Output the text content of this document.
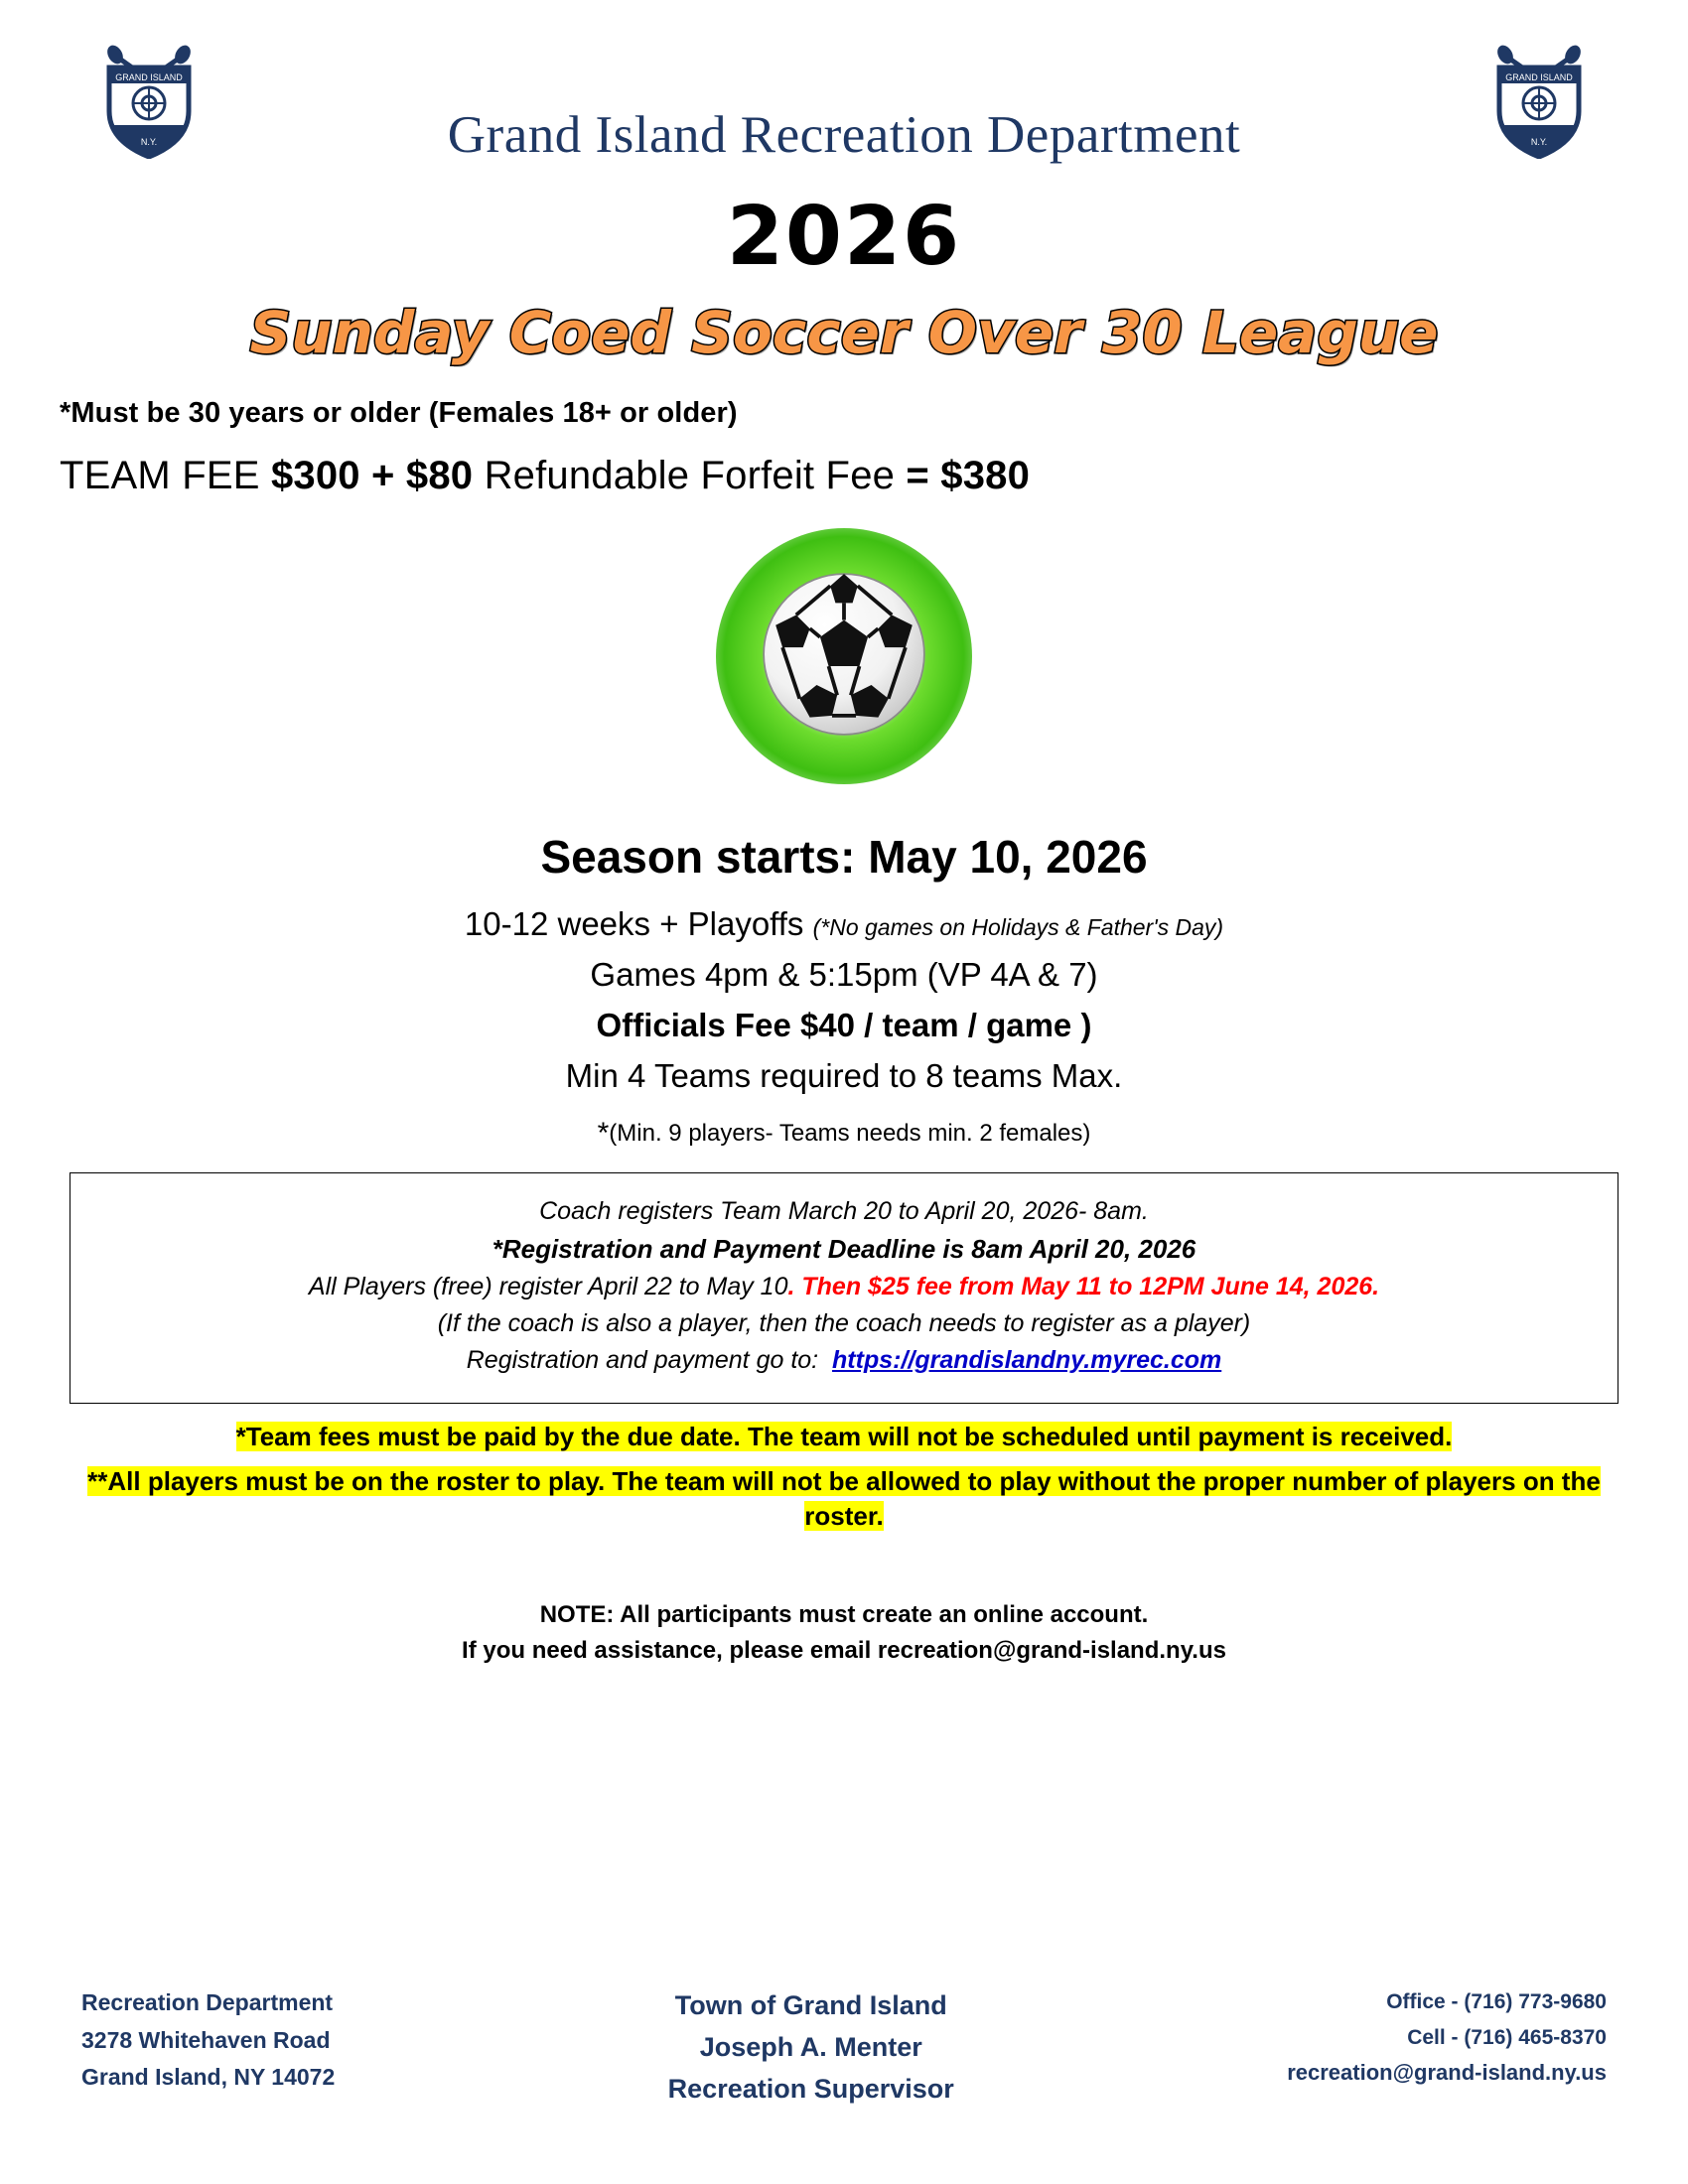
GRAND ISLAND
N.Y.
GRAND ISLAND
N.Y.
Grand Island Recreation Department
2026
Sunday Coed Soccer Over 30 League
*Must be 30 years or older (Females 18+ or older)
TEAM FEE $300 + $80 Refundable Forfeit Fee = $380
Season starts: May 10, 2026
10-12 weeks + Playoffs (*No games on Holidays & Father's Day)
Games 4pm & 5:15pm (VP 4A & 7)
Officials Fee $40 / team / game )
Min 4 Teams required to 8 teams Max.
*(Min. 9 players- Teams needs min. 2 females)
Coach registers Team March 20 to April 20, 2026- 8am.
*Registration and Payment Deadline is 8am April 20, 2026
All Players (free) register April 22 to May 10. Then $25 fee from May 11 to 12PM June 14, 2026.
(If the coach is also a player, then the coach needs to register as a player)
Registration and payment go to: https://grandislandny.myrec.com
*Team fees must be paid by the due date. The team will not be scheduled until payment is received.
**All players must be on the roster to play. The team will not be allowed to play without the proper number of players on the roster.
NOTE: All participants must create an online account.
If you need assistance, please email recreation@grand-island.ny.us
Recreation Department
3278 Whitehaven Road
Grand Island, NY 14072
Town of Grand Island
Joseph A. Menter
Recreation Supervisor
Office - (716) 773-9680
Cell - (716) 465-8370
recreation@grand-island.ny.us
